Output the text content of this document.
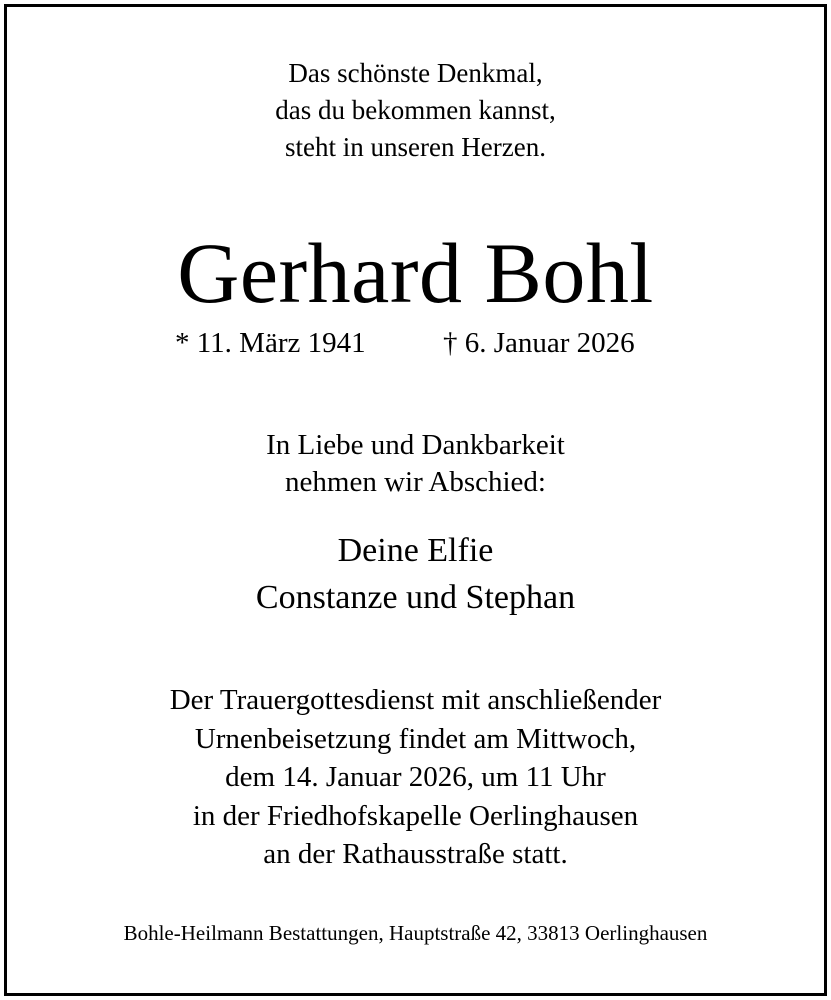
Das schönste Denkmal,
das du bekommen kannst,
steht in unseren Herzen.
Gerhard Bohl
* 11. März 1941	† 6. Januar 2026
In Liebe und Dankbarkeit
nehmen wir Abschied:
Deine Elfie
Constanze und Stephan
Der Trauergottesdienst mit anschließender
Urnenbeisetzung findet am Mittwoch,
dem 14. Januar 2026, um 11 Uhr
in der Friedhofskapelle Oerlinghausen
an der Rathausstraße statt.
Bohle-Heilmann Bestattungen, Hauptstraße 42, 33813 Oerlinghausen
